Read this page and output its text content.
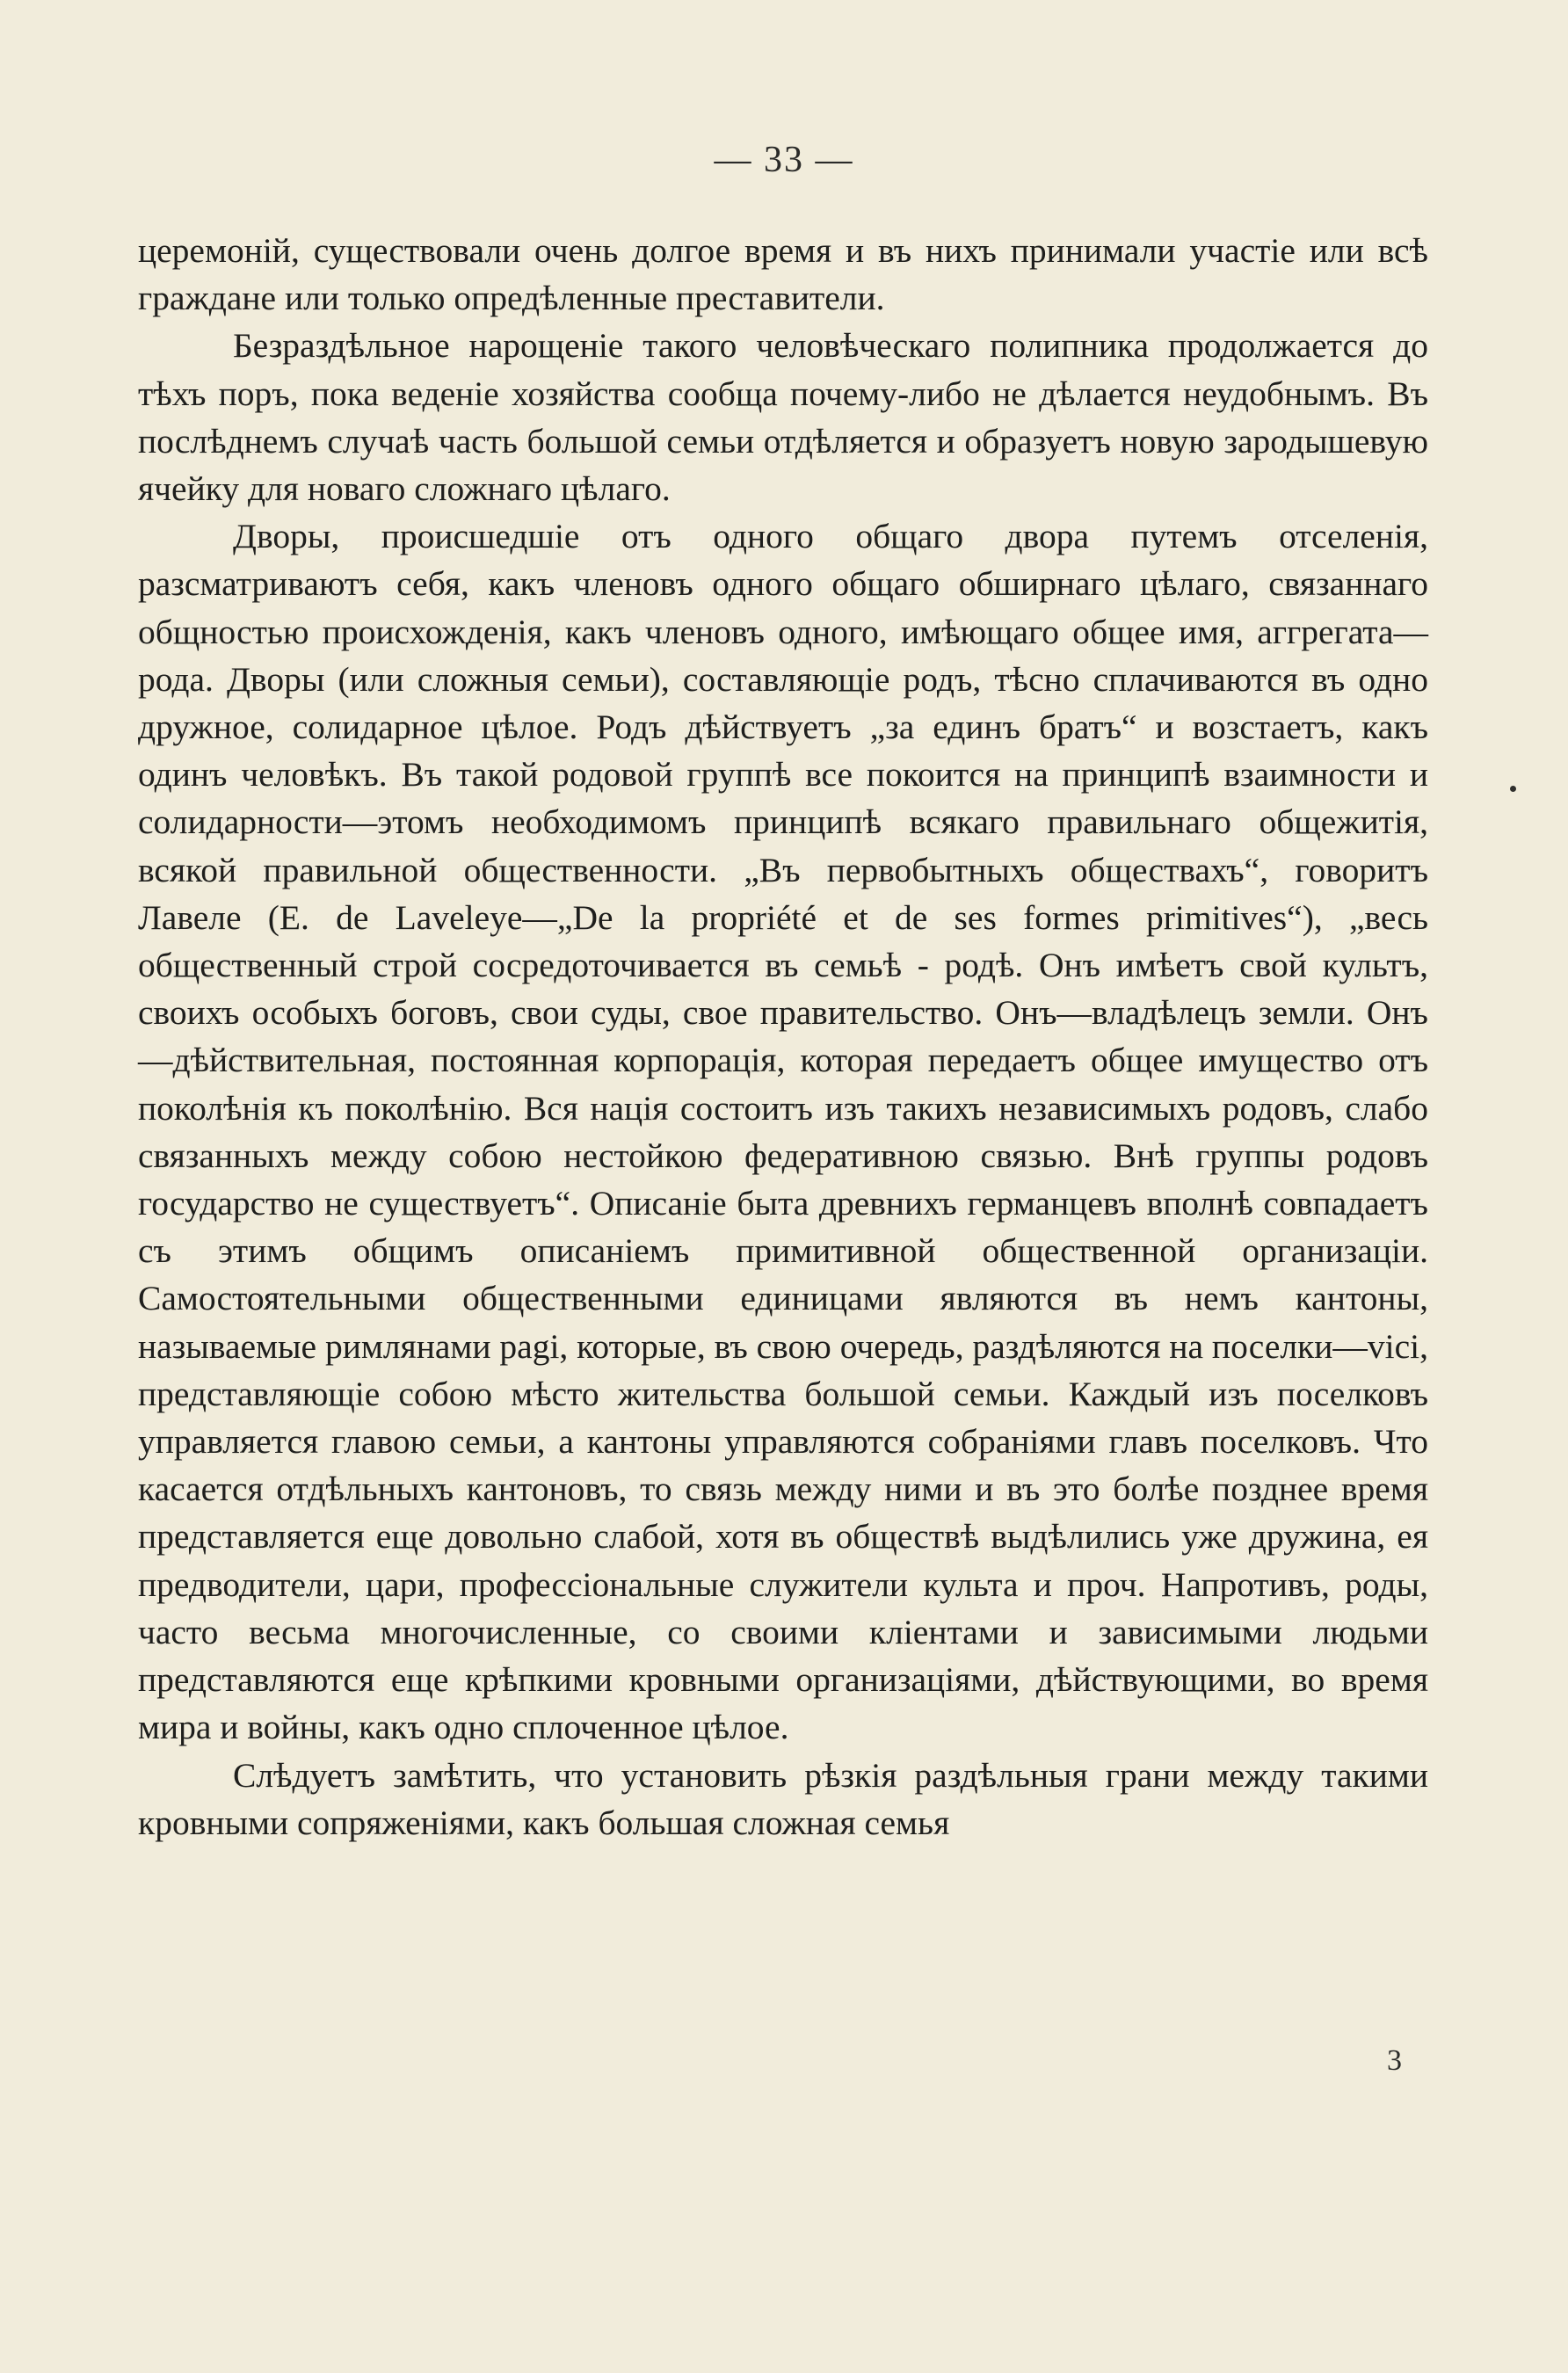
— 33 —

церемоній, существовали очень долгое время и въ нихъ принимали участіе или всѣ граждане или только опредѣленные преставители.

Безраздѣльное нарощеніе такого человѣческаго полипника продолжается до тѣхъ поръ, пока веденіе хозяйства сообща почему-либо не дѣлается неудобнымъ. Въ послѣднемъ случаѣ часть большой семьи отдѣляется и образуетъ новую зародышевую ячейку для новаго сложнаго цѣлаго.

Дворы, происшедшіе отъ одного общаго двора путемъ отселенія, разсматриваютъ себя, какъ членовъ одного общаго обширнаго цѣлаго, связаннаго общностью происхожденія, какъ членовъ одного, имѣющаго общее имя, аггрегата—рода. Дворы (или сложныя семьи), составляющіе родъ, тѣсно сплачиваются въ одно дружное, солидарное цѣлое. Родъ дѣйствуетъ „за единъ братъ“ и возстаетъ, какъ одинъ человѣкъ. Въ такой родовой группѣ все покоится на принципѣ взаимности и солидарности—этомъ необходимомъ принципѣ всякаго правильнаго общежитія, всякой правильной общественности. „Въ первобытныхъ обществахъ“, говоритъ Лавеле (E. de Laveleye—„De la propriété et de ses formes primitives“), „весь общественный строй сосредоточивается въ семьѣ - родѣ. Онъ имѣетъ свой культъ, своихъ особыхъ боговъ, свои суды, свое правительство. Онъ—владѣлецъ земли. Онъ—дѣйствительная, постоянная корпорація, которая передаетъ общее имущество отъ поколѣнія къ поколѣнію. Вся нація состоитъ изъ такихъ независимыхъ родовъ, слабо связанныхъ между собою нестойкою федеративною связью. Внѣ группы родовъ государство не существуетъ“. Описаніе быта древнихъ германцевъ вполнѣ совпадаетъ съ этимъ общимъ описаніемъ примитивной общественной организаціи. Самостоятельными общественными единицами являются въ немъ кантоны, называемые римлянами pagi, которые, въ свою очередь, раздѣляются на поселки—vici, представляющіе собою мѣсто жительства большой семьи. Каждый изъ поселковъ управляется главою семьи, а кантоны управляются собраніями главъ поселковъ. Что касается отдѣльныхъ кантоновъ, то связь между ними и въ это болѣе позднее время представляется еще довольно слабой, хотя въ обществѣ выдѣлились уже дружина, ея предводители, цари, профессіональные служители культа и проч. Напротивъ, роды, часто весьма многочисленные, со своими кліентами и зависимыми людьми представляются еще крѣпкими кровными организаціями, дѣйствующими, во время мира и войны, какъ одно сплоченное цѣлое.

Слѣдуетъ замѣтить, что установить рѣзкія раздѣльныя грани между такими кровными сопряженіями, какъ большая сложная семья

3
